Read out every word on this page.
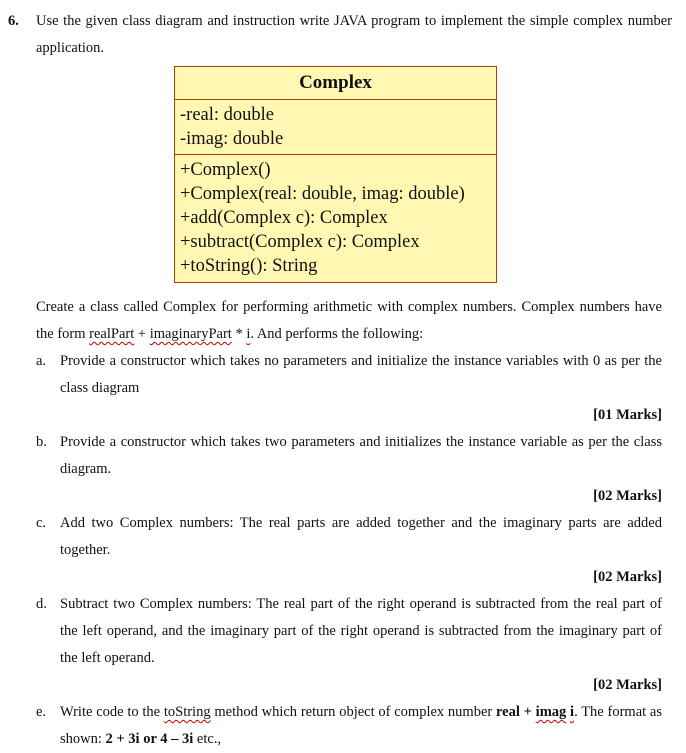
6. Use the given class diagram and instruction write JAVA program to implement the simple complex number application.
Complex
-real: double
-imag: double
+Complex()
+Complex(real: double, imag: double)
+add(Complex c): Complex
+subtract(Complex c): Complex
+toString(): String

Create a class called Complex for performing arithmetic with complex numbers. Complex numbers have the form realPart + imaginaryPart * i. And performs the following:

a. Provide a constructor which takes no parameters and initialize the instance variables with 0 as per the class diagram

[01 Marks]

b. Provide a constructor which takes two parameters and initializes the instance variable as per the class diagram.

[02 Marks]

c. Add two Complex numbers: The real parts are added together and the imaginary parts are added together.

[02 Marks]

d. Subtract two Complex numbers: The real part of the right operand is subtracted from the real part of the left operand, and the imaginary part of the right operand is subtracted from the imaginary part of the left operand.

[02 Marks]

e. Write code to the toString method which return object of complex number real + imag i. The format as shown: 2 + 3i or 4 – 3i etc.,
